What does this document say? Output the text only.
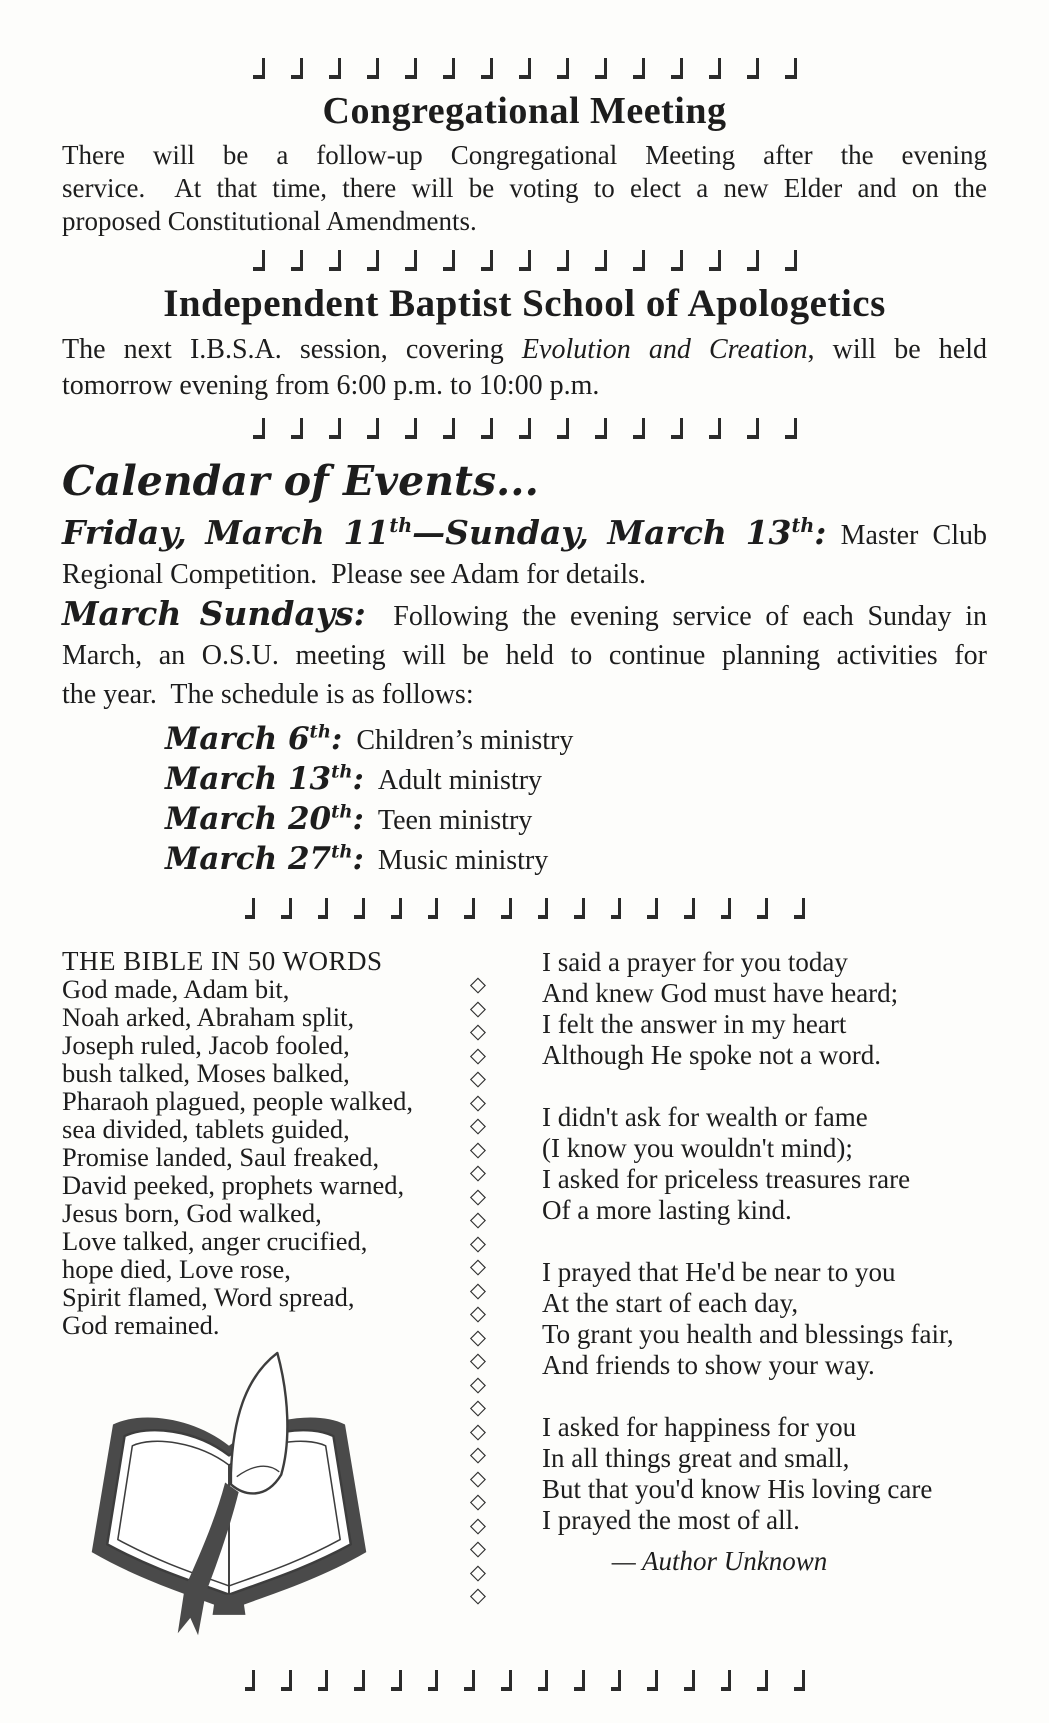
Congregational Meeting
There will be a follow-up Congregational Meeting after the evening
service.  At that time, there will be voting to elect a new Elder and on the
proposed Constitutional Amendments.
Independent Baptist School of Apologetics
The next I.B.S.A. session, covering Evolution and Creation, will be held
tomorrow evening from 6:00 p.m. to 10:00 p.m.
Calendar of Events...
Friday, March 11th—Sunday, March 13th: Master Club
Regional Competition.  Please see Adam for details.
March Sundays: Following the evening service of each Sunday in
March, an O.S.U. meeting will be held to continue planning activities for
the year.  The schedule is as follows:
March 6th: Children’s ministry
March 13th: Adult ministry
March 20th: Teen ministry
March 27th: Music ministry
THE BIBLE IN 50 WORDS
God made, Adam bit,
Noah arked, Abraham split,
Joseph ruled, Jacob fooled,
bush talked, Moses balked,
Pharaoh plagued, people walked,
sea divided, tablets guided,
Promise landed, Saul freaked,
David peeked, prophets warned,
Jesus born, God walked,
Love talked, anger crucified,
hope died, Love rose,
Spirit flamed, Word spread,
God remained.
◇
◇
◇
◇
◇
◇
◇
◇
◇
◇
◇
◇
◇
◇
◇
◇
◇
◇
◇
◇
◇
◇
◇
◇
◇
◇
◇
I said a prayer for you today
And knew God must have heard;
I felt the answer in my heart
Although He spoke not a word.
I didn't ask for wealth or fame
(I know you wouldn't mind);
I asked for priceless treasures rare
Of a more lasting kind.
I prayed that He'd be near to you
At the start of each day,
To grant you health and blessings fair,
And friends to show your way.
I asked for happiness for you
In all things great and small,
But that you'd know His loving care
I prayed the most of all.
— Author Unknown
